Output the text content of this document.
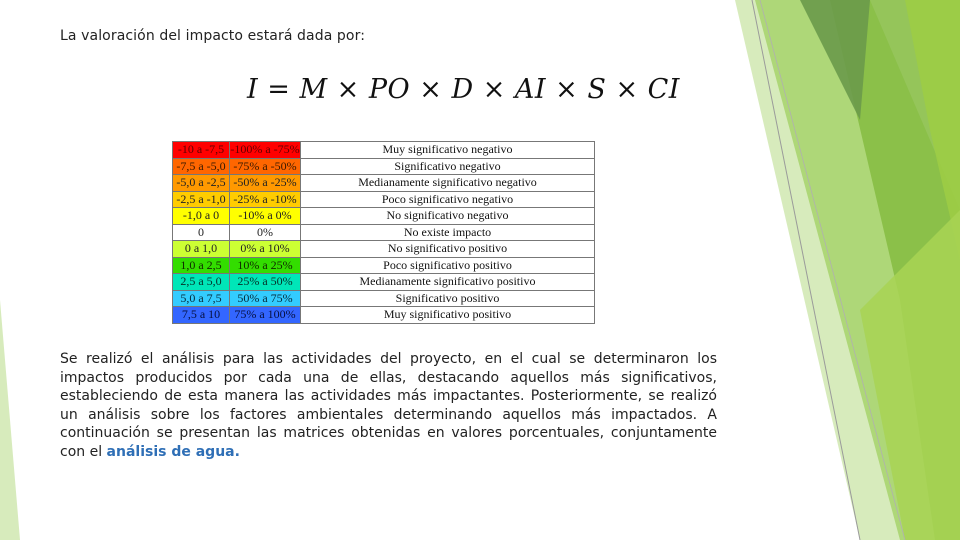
La valoración del impacto estará dada por:
I = M × PO × D × AI × S × CI
-10 a -7,5	-100% a -75%	Muy significativo negativo
-7,5 a -5,0	-75% a -50%	Significativo negativo
-5,0 a -2,5	-50% a -25%	Medianamente significativo negativo
-2,5 a -1,0	-25% a -10%	Poco significativo negativo
-1,0 a 0	-10% a 0%	No significativo negativo
0	0%	No existe impacto
0 a 1,0	0% a 10%	No significativo positivo
1,0 a 2,5	10% a 25%	Poco significativo positivo
2,5 a 5,0	25% a 50%	Medianamente significativo positivo
5,0 a 7,5	50% a 75%	Significativo positivo
7,5 a 10	75% a 100%	Muy significativo positivo

Se realizó el análisis para las actividades del proyecto, en el cual se determinaron los impactos producidos por cada una de ellas, destacando aquellos más significativos, estableciendo de esta manera las actividades más impactantes. Posteriormente, se realizó un análisis sobre los factores ambientales determinando aquellos más impactados. A continuación se presentan las matrices obtenidas en valores porcentuales, conjuntamente con el análisis de agua.
